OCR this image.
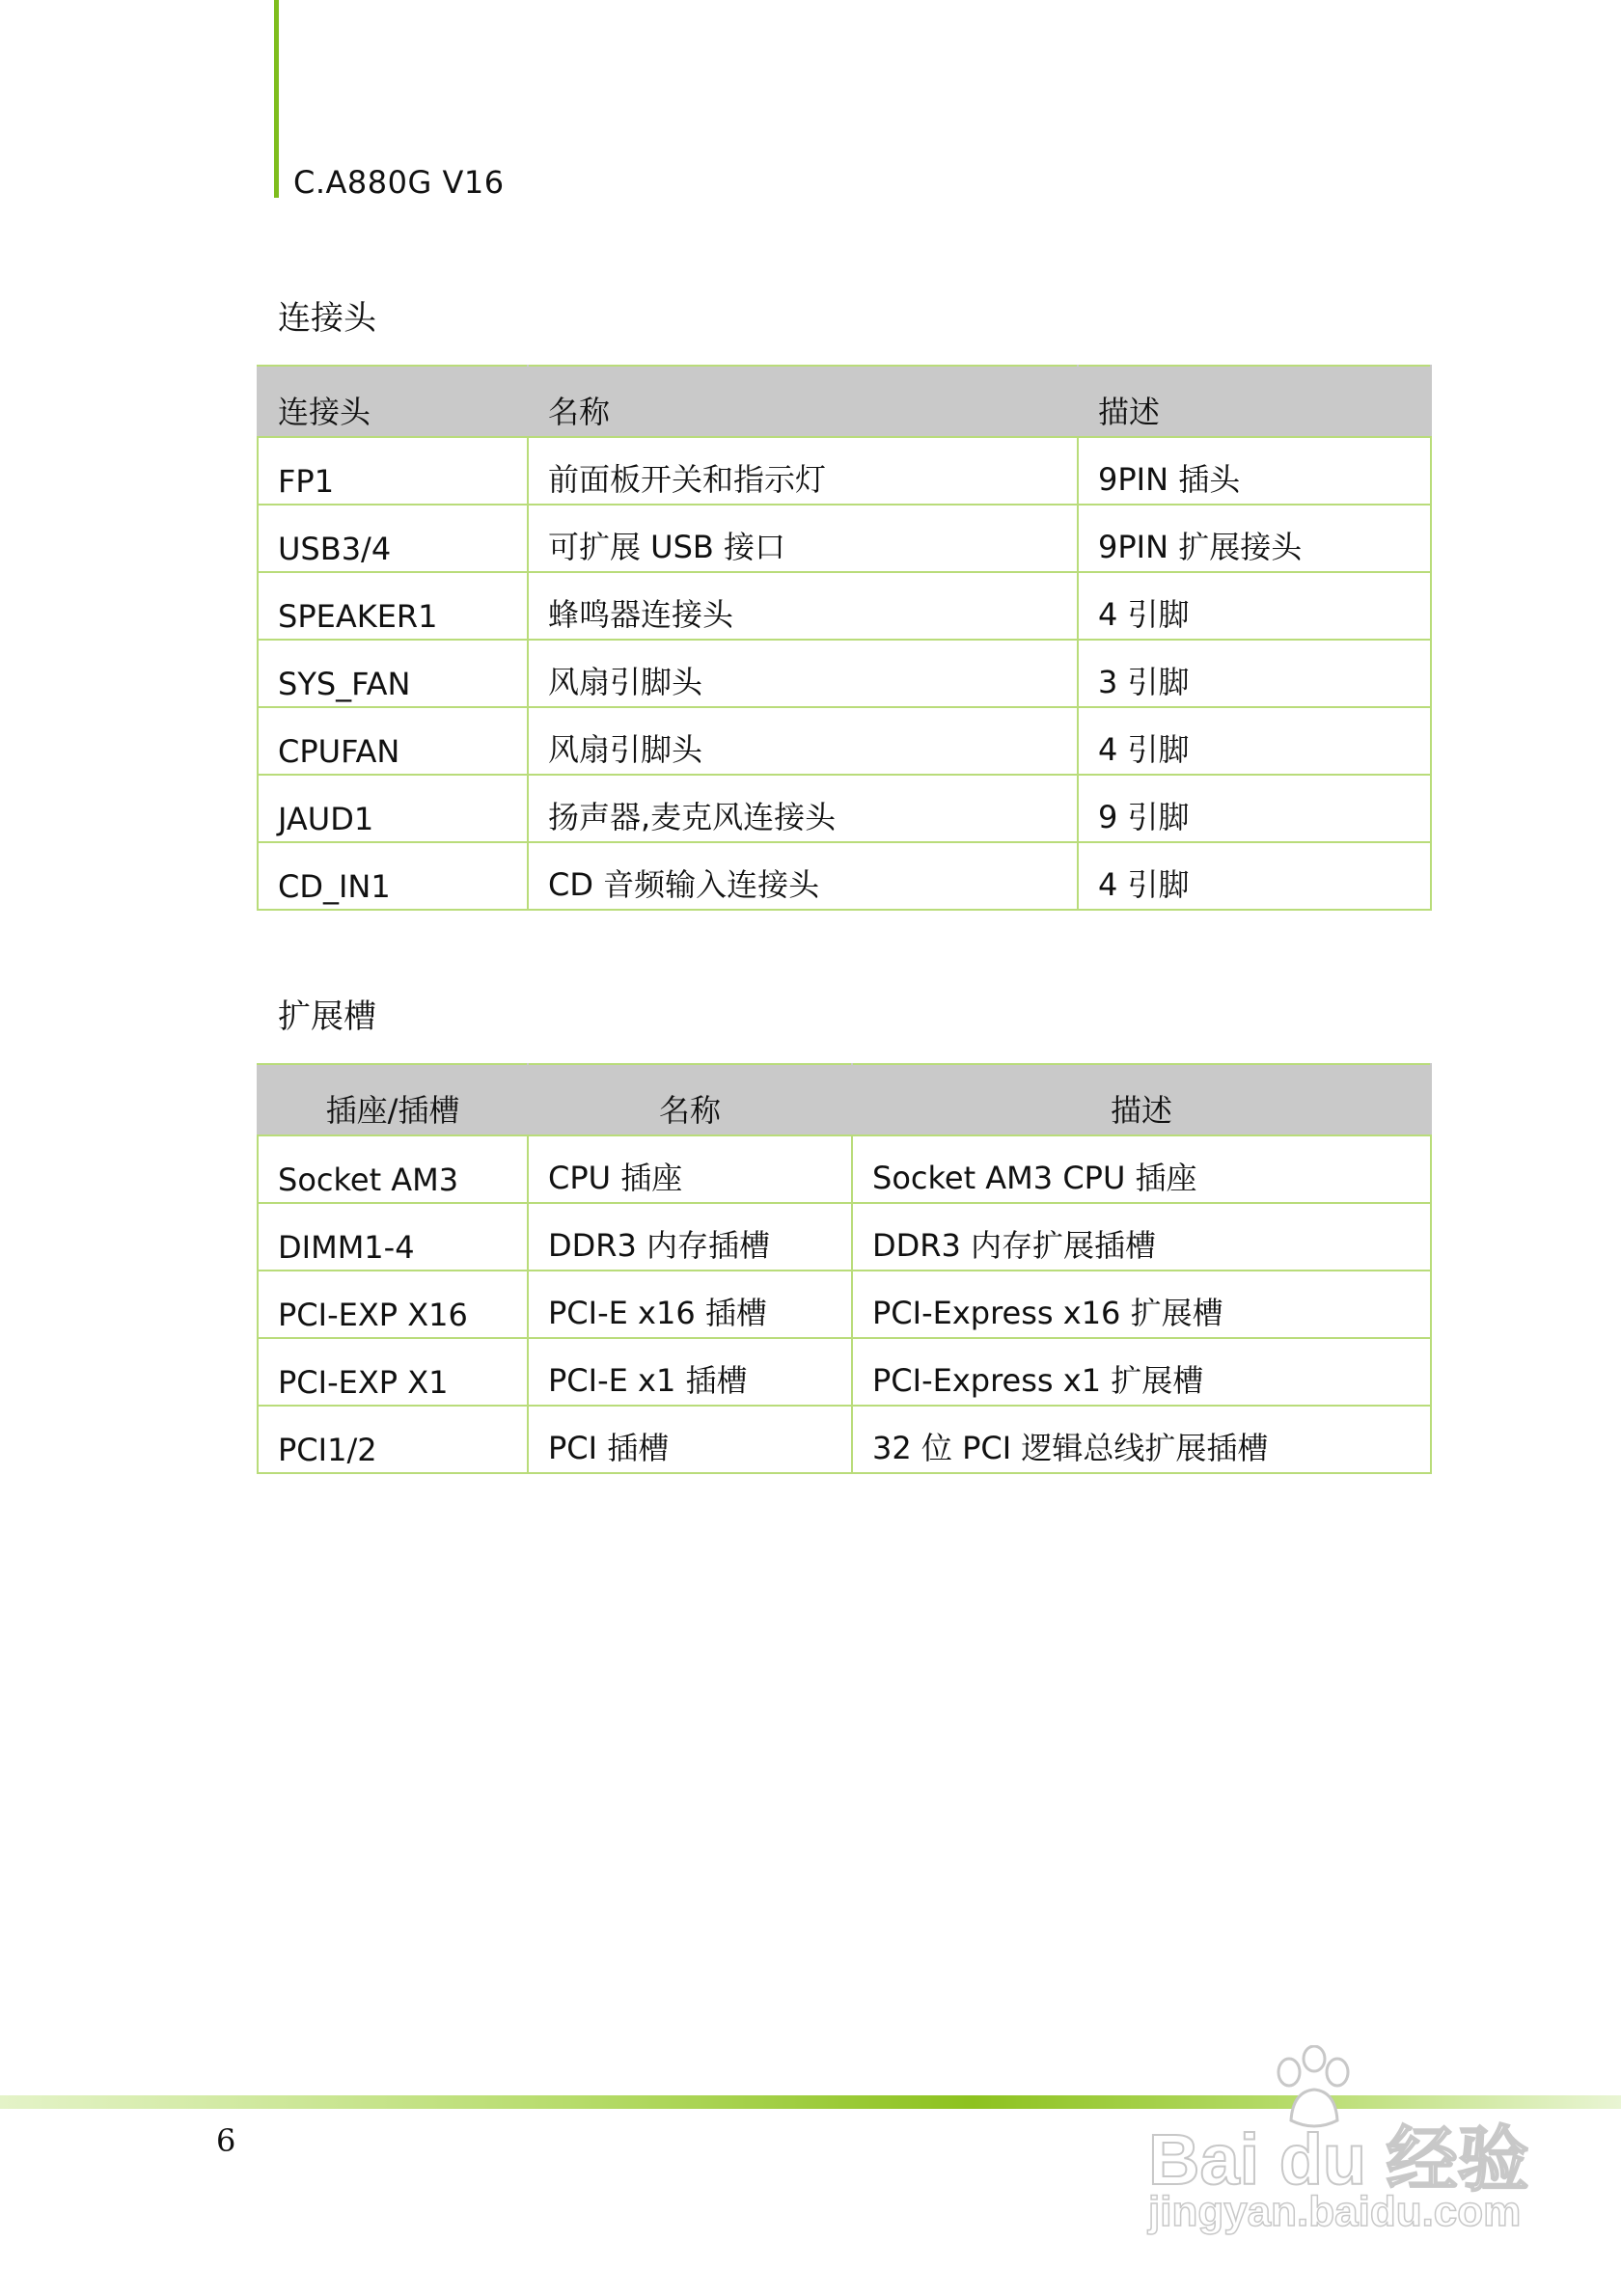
C.A880G V16
连接头
连接头	名称	描述
FP1	前面板开关和指示灯	9PIN 插头
USB3/4	可扩展 USB 接口	9PIN 扩展接头
SPEAKER1	蜂鸣器连接头	4 引脚
SYS_FAN	风扇引脚头	3 引脚
CPUFAN	风扇引脚头	4 引脚
JAUD1	扬声器,麦克风连接头	9 引脚
CD_IN1	CD 音频输入连接头	4 引脚
扩展槽
插座/插槽	名称	描述
Socket AM3	CPU 插座	Socket AM3 CPU 插座
DIMM1-4	DDR3 内存插槽	DDR3 内存扩展插槽
PCI-EXP X16	PCI-E x16 插槽	PCI-Express x16 扩展槽
PCI-EXP X1	PCI-E x1 插槽	PCI-Express x1 扩展槽
PCI1/2	PCI 插槽	32 位 PCI 逻辑总线扩展插槽
6	Bai du 经验
jingyan.baidu.com
